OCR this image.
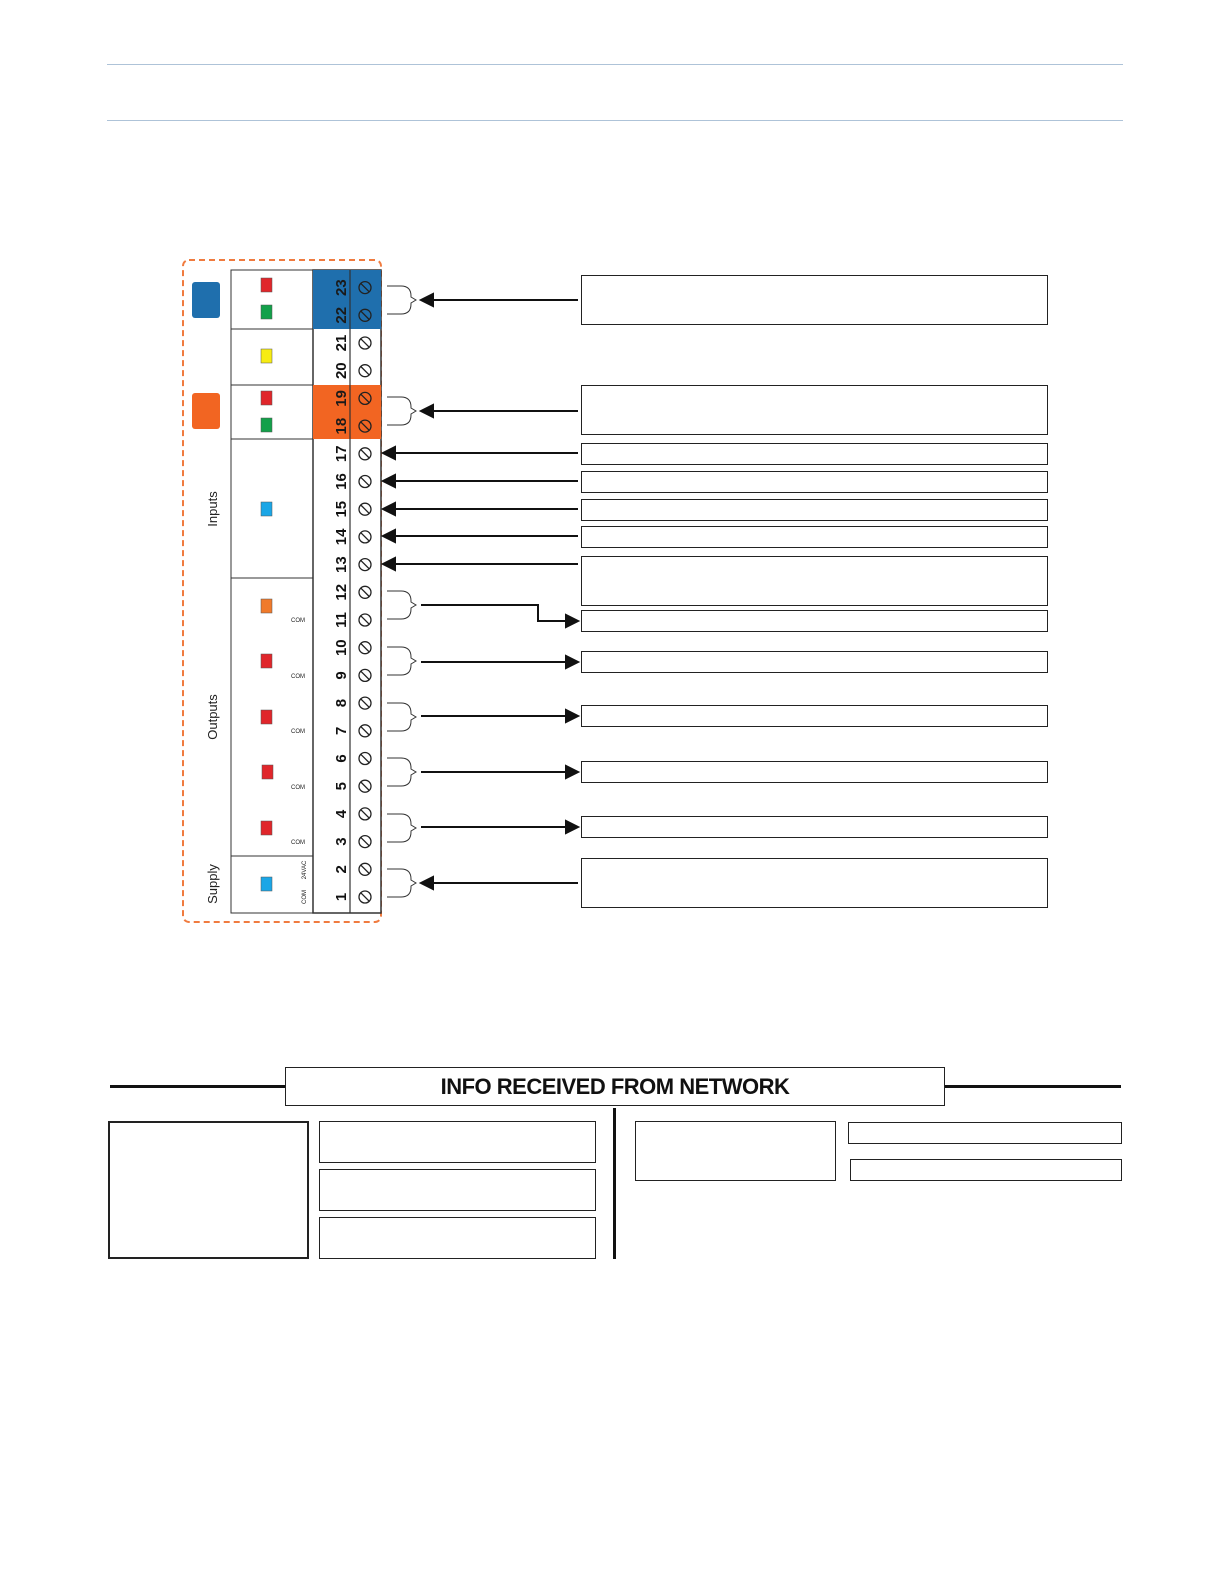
Inputs
Outputs
Supply
COM
COM
COM
COM
COM
COM
24VAC
1
2
3
4
5
6
7
8
9
10
11
12
13
14
15
16
17
18
19
20
21
22
23
INFO RECEIVED FROM NETWORK
